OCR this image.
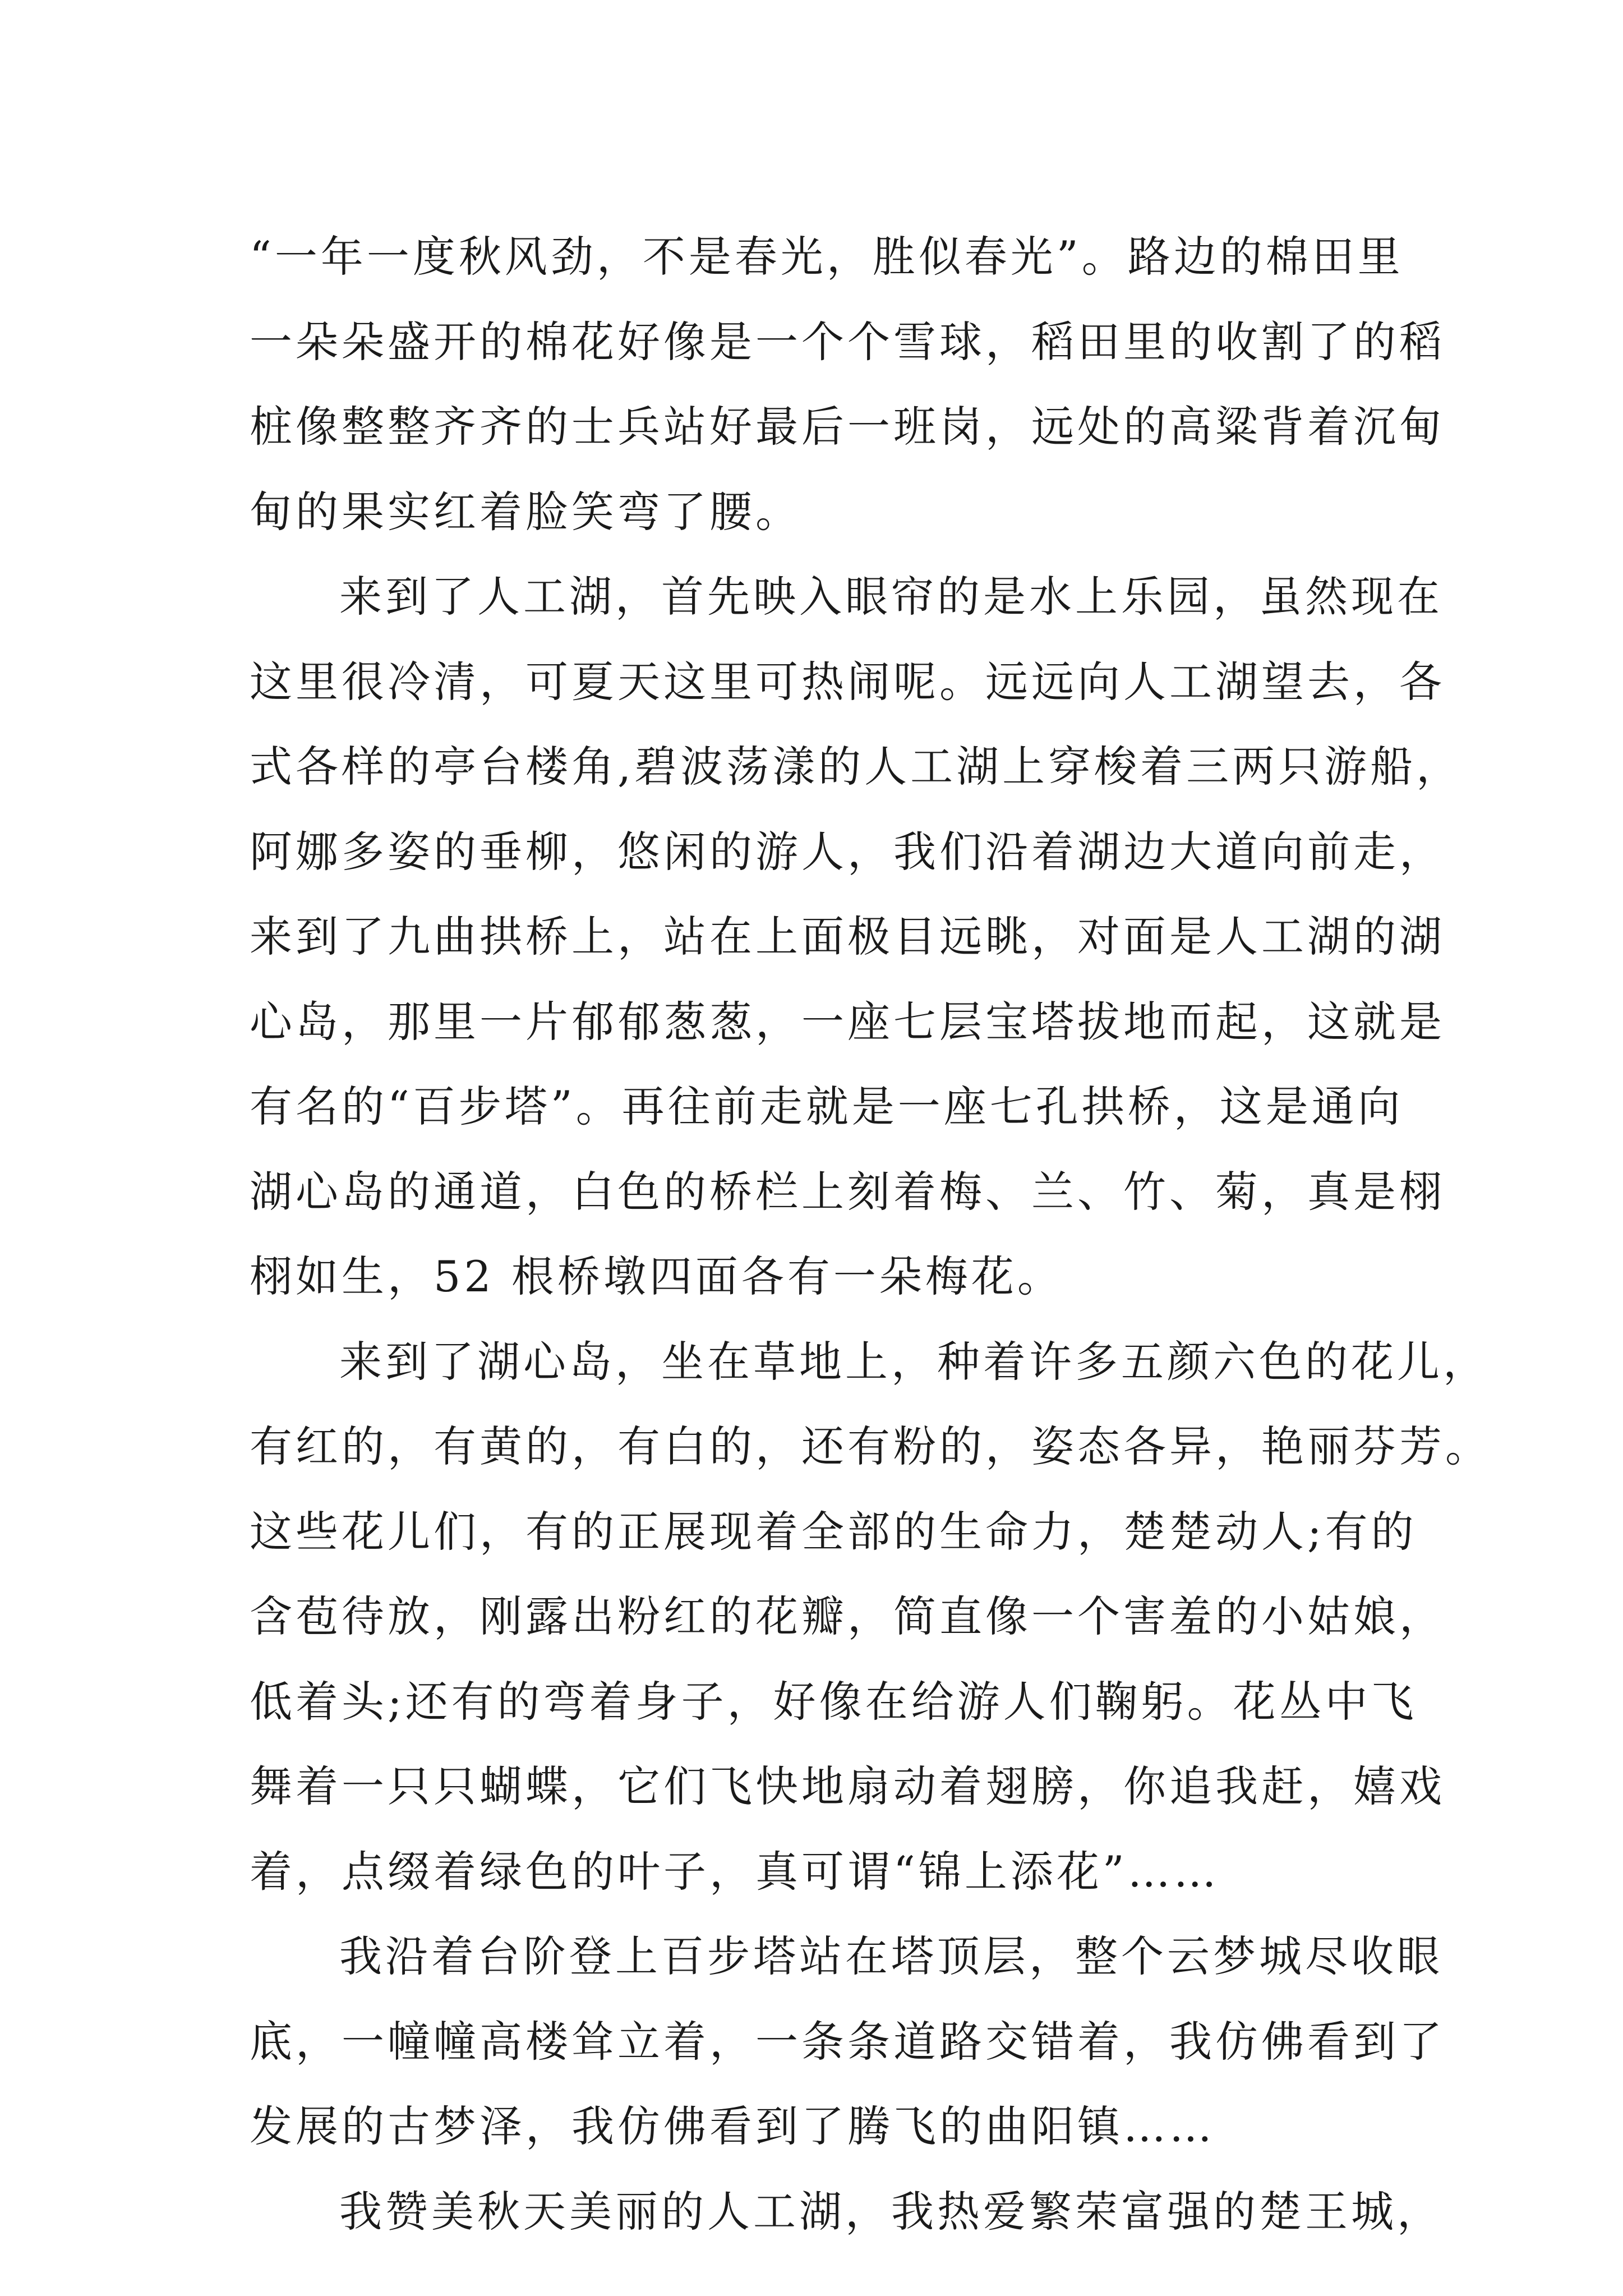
“一年一度秋风劲，不是春光，胜似春光”。路边的棉田里
一朵朵盛开的棉花好像是一个个雪球，稻田里的收割了的稻
桩像整整齐齐的士兵站好最后一班岗，远处的高粱背着沉甸
甸的果实红着脸笑弯了腰。
来到了人工湖，首先映入眼帘的是水上乐园，虽然现在
这里很冷清，可夏天这里可热闹呢。远远向人工湖望去，各
式各样的亭台楼角,碧波荡漾的人工湖上穿梭着三两只游船，
阿娜多姿的垂柳，悠闲的游人，我们沿着湖边大道向前走，
来到了九曲拱桥上，站在上面极目远眺，对面是人工湖的湖
心岛，那里一片郁郁葱葱，一座七层宝塔拔地而起，这就是
有名的“百步塔”。再往前走就是一座七孔拱桥，这是通向
湖心岛的通道，白色的桥栏上刻着梅、兰、竹、菊，真是栩
栩如生，52 根桥墩四面各有一朵梅花。
来到了湖心岛，坐在草地上，种着许多五颜六色的花儿，
有红的，有黄的，有白的，还有粉的，姿态各异，艳丽芬芳。
这些花儿们，有的正展现着全部的生命力，楚楚动人;有的
含苞待放，刚露出粉红的花瓣，简直像一个害羞的小姑娘，
低着头;还有的弯着身子，好像在给游人们鞠躬。花丛中飞
舞着一只只蝴蝶，它们飞快地扇动着翅膀，你追我赶，嬉戏
着，点缀着绿色的叶子，真可谓“锦上添花”……
我沿着台阶登上百步塔站在塔顶层，整个云梦城尽收眼
底，一幢幢高楼耸立着，一条条道路交错着，我仿佛看到了
发展的古梦泽，我仿佛看到了腾飞的曲阳镇……
我赞美秋天美丽的人工湖，我热爱繁荣富强的楚王城，
